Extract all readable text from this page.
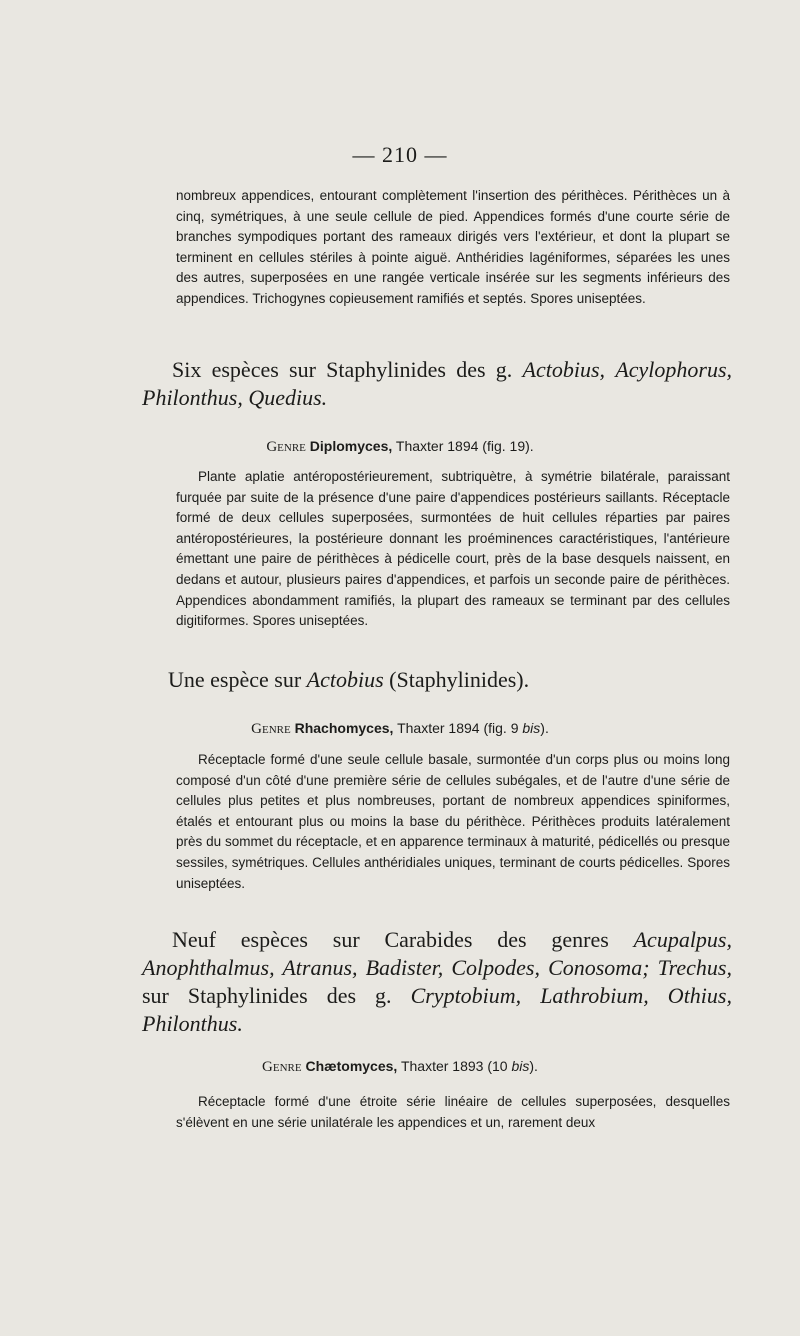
— 210 —

nombreux appendices, entourant complètement l'insertion des périthèces. Périthèces un à cinq, symétriques, à une seule cellule de pied. Appendices formés d'une courte série de branches sympodiques portant des rameaux dirigés vers l'extérieur, et dont la plupart se terminent en cellules stériles à pointe aiguë. Anthéridies lagéniformes, séparées les unes des autres, superposées en une rangée verticale insérée sur les segments inférieurs des appendices. Trichogynes copieusement ramifiés et septés. Spores uniseptées.

Six espèces sur Staphylinides des g. Actobius, Acylophorus, Philonthus, Quedius.

Genre Diplomyces, Thaxter 1894 (fig. 19).

Plante aplatie antéropostérieurement, subtriquètre, à symétrie bilatérale, paraissant furquée par suite de la présence d'une paire d'appendices postérieurs saillants. Réceptacle formé de deux cellules superposées, surmontées de huit cellules réparties par paires antéropostérieures, la postérieure donnant les proéminences caractéristiques, l'antérieure émettant une paire de périthèces à pédicelle court, près de la base desquels naissent, en dedans et autour, plusieurs paires d'appendices, et parfois un seconde paire de périthèces. Appendices abondamment ramifiés, la plupart des rameaux se terminant par des cellules digitiformes. Spores uniseptées.

Une espèce sur Actobius (Staphylinides).

Genre Rhachomyces, Thaxter 1894 (fig. 9 bis).

Réceptacle formé d'une seule cellule basale, surmontée d'un corps plus ou moins long composé d'un côté d'une première série de cellules subégales, et de l'autre d'une série de cellules plus petites et plus nombreuses, portant de nombreux appendices spiniformes, étalés et entourant plus ou moins la base du périthèce. Périthèces produits latéralement près du sommet du réceptacle, et en apparence terminaux à maturité, pédicellés ou presque sessiles, symétriques. Cellules anthéridiales uniques, terminant de courts pédicelles. Spores uniseptées.

Neuf espèces sur Carabides des genres Acupalpus, Anophthalmus, Atranus, Badister, Colpodes, Conosoma; Trechus, sur Staphylinides des g. Cryptobium, Lathrobium, Othius, Philonthus.

Genre Chætomyces, Thaxter 1893 (10 bis).

Réceptacle formé d'une étroite série linéaire de cellules superposées, desquelles s'élèvent en une série unilatérale les appendices et un, rarement deux
